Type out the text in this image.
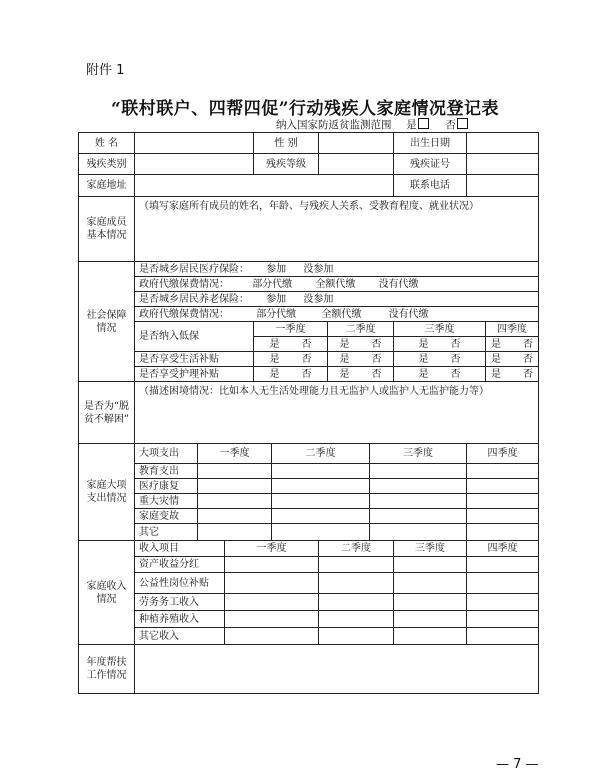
附件 1
“联村联户、四帮四促”行动残疾人家庭情况登记表
纳入国家防返贫监测范围 是	否
姓 名				性 别					出生日期		
残疾类别				残疾等级					残疾证号		
家庭地址									联系电话		
家庭成员基本情况	（填写家庭所有成员的姓名，年龄、与残疾人关系、受教育程度、就业状况）										
社会保障情况	是否城乡居民医疗保险： 参加 没参加										
	政府代缴保费情况： 部分代缴 全额代缴 没有代缴										
	是否城乡居民养老保险： 参加 没参加										
	政府代缴保费情况： 部分代缴 全额代缴 没有代缴										
	是否纳入低保			一季度			二季度		三季度		四季度
				是 否			是 否		是 否		是 否
	是否享受生活补贴			是 否			是 否		是 否		是 否
	是否享受护理补贴			是 否			是 否		是 否		是 否
是否为“脱贫不解困”	（描述困境情况：比如本人无生活处理能力且无监护人或监护人无监护能力等）										
家庭大项支出情况	大项支出	一季度			二季度			三季度		四季度	
	教育支出										
	医疗康复										
	重大灾情										
	家庭变故										
	其它										
家庭收入情况	收入项目		一季度			二季度			三季度	四季度	
	资产收益分红										
	公益性岗位补贴										
	劳务务工收入										
	种植养殖收入										
	其它收入										
年度帮扶工作情况											
— 7 —
